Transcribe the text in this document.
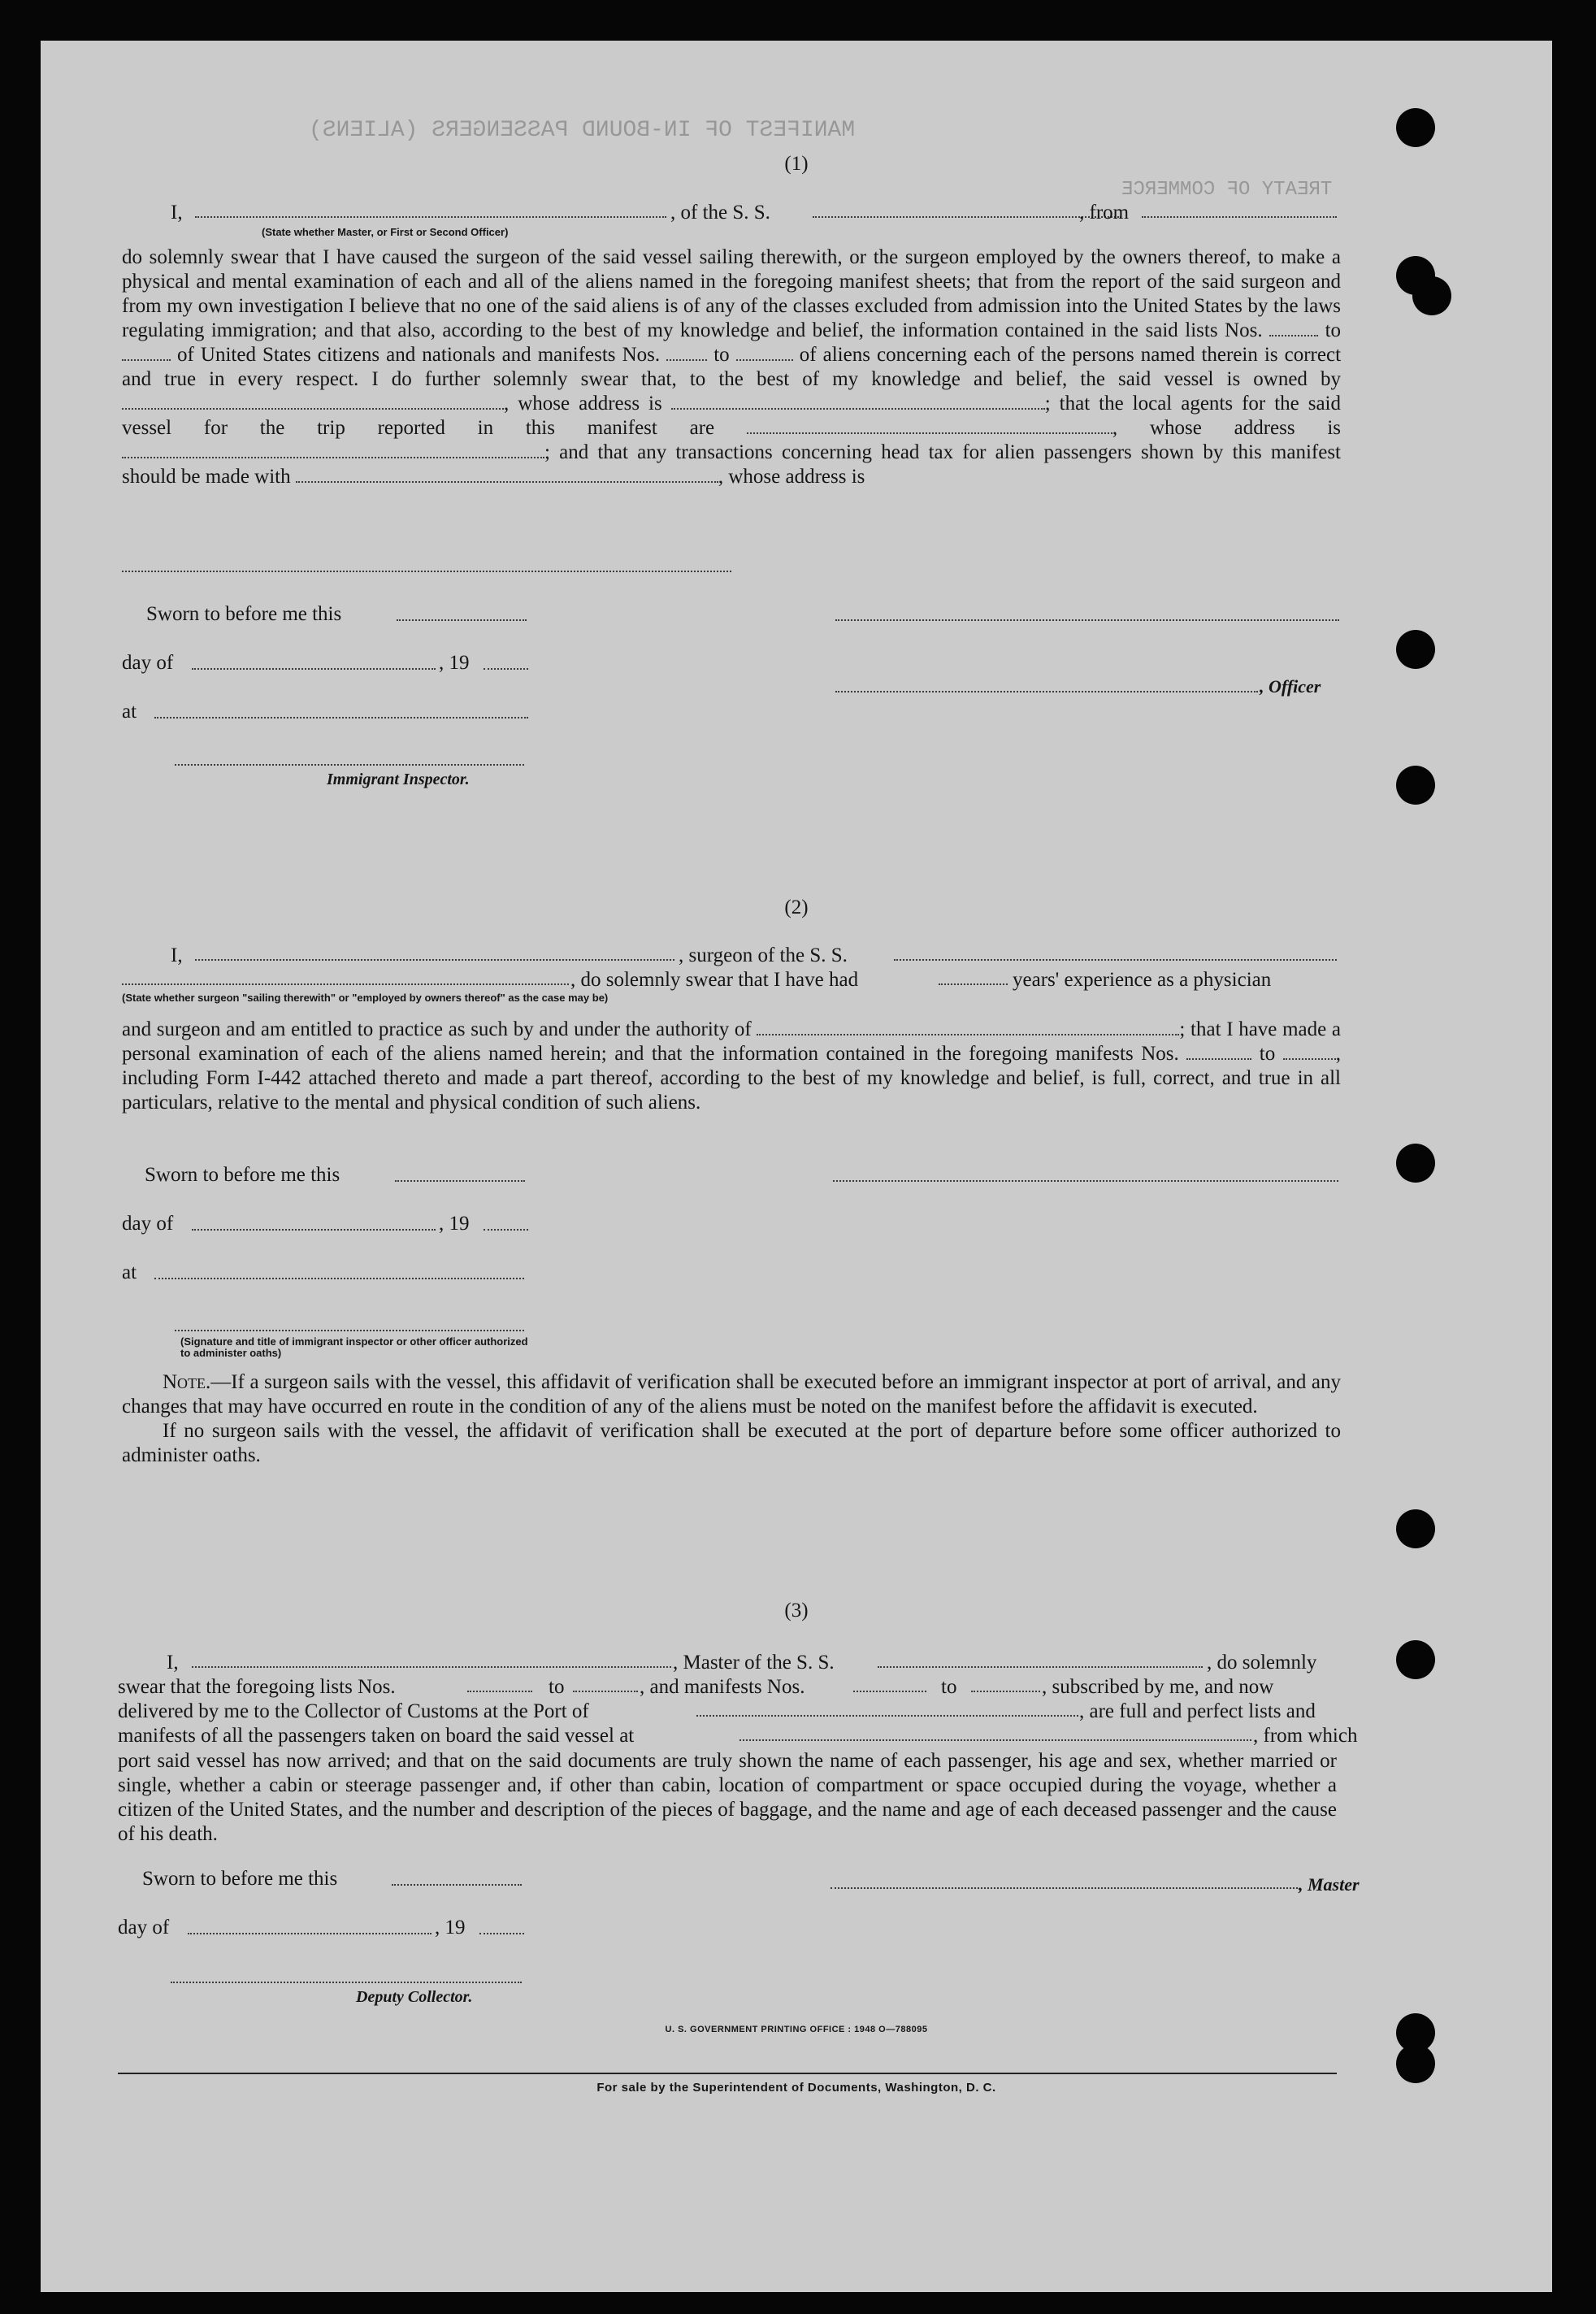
MANIFEST OF IN-BOUND PASSENGERS (ALIENS)
TREATY OF COMMERCE
(1)
I,	, of the S. S.	, from
(State whether Master, or First or Second Officer)

do solemnly swear that I have caused the surgeon of the said vessel sailing therewith, or the surgeon employed by the owners thereof, to make a physical and mental examination of each and all of the aliens named in the foregoing manifest sheets; that from the report of the said surgeon and from my own investigation I believe that no one of the said aliens is of any of the classes excluded from admission into the United States by the laws regulating immigration; and that also, according to the best of my knowledge and belief, the information contained in the said lists Nos.	to  of United States citizens and nationals and manifests Nos.	to	of aliens concerning each of the persons named therein is correct and true in every respect. I do further solemnly swear that, to the best of my knowledge and belief, the said vessel is owned by , whose address is	; that the local agents for the said vessel for the trip reported in this manifest are	, whose address is ; and that any transactions concerning head tax for alien passengers shown by this manifest should be made with	, whose address is

Sworn to before me this
day of	, 19
, Officer
at
Immigrant Inspector.
(2)
I,	, surgeon of the S. S.
, do solemnly swear that I have had	years' experience as a physician
(State whether surgeon "sailing therewith" or "employed by owners thereof" as the case may be)

and surgeon and am entitled to practice as such by and under the authority of	; that I have made a personal examination of each of the aliens named herein; and that the information contained in the foregoing manifests Nos.	to	, including Form I-442 attached thereto and made a part thereof, according to the best of my knowledge and belief, is full, correct, and true in all particulars, relative to the mental and physical condition of such aliens.

Sworn to before me this
day of	, 19
at
(Signature and title of immigrant inspector or other officer authorized to administer oaths)
Note.—If a surgeon sails with the vessel, this affidavit of verification shall be executed before an immigrant inspector at port of arrival, and any changes that may have occurred en route in the condition of any of the aliens must be noted on the manifest before the affidavit is executed.
If no surgeon sails with the vessel, the affidavit of verification shall be executed at the port of departure before some officer authorized to administer oaths.
(3)
I,	, Master of the S. S.	, do solemnly
swear that the foregoing lists Nos.	to	, and manifests Nos.	to	, subscribed by me, and now
delivered by me to the Collector of Customs at the Port of	, are full and perfect lists and
manifests of all the passengers taken on board the said vessel at	, from which

port said vessel has now arrived; and that on the said documents are truly shown the name of each passenger, his age and sex, whether married or single, whether a cabin or steerage passenger and, if other than cabin, location of compartment or space occupied during the voyage, whether a citizen of the United States, and the number and description of the pieces of baggage, and the name and age of each deceased passenger and the cause of his death.

Sworn to before me this	, Master
day of	, 19
Deputy Collector.
U. S. GOVERNMENT PRINTING OFFICE : 1948 O—788095
For sale by the Superintendent of Documents, Washington, D. C.
